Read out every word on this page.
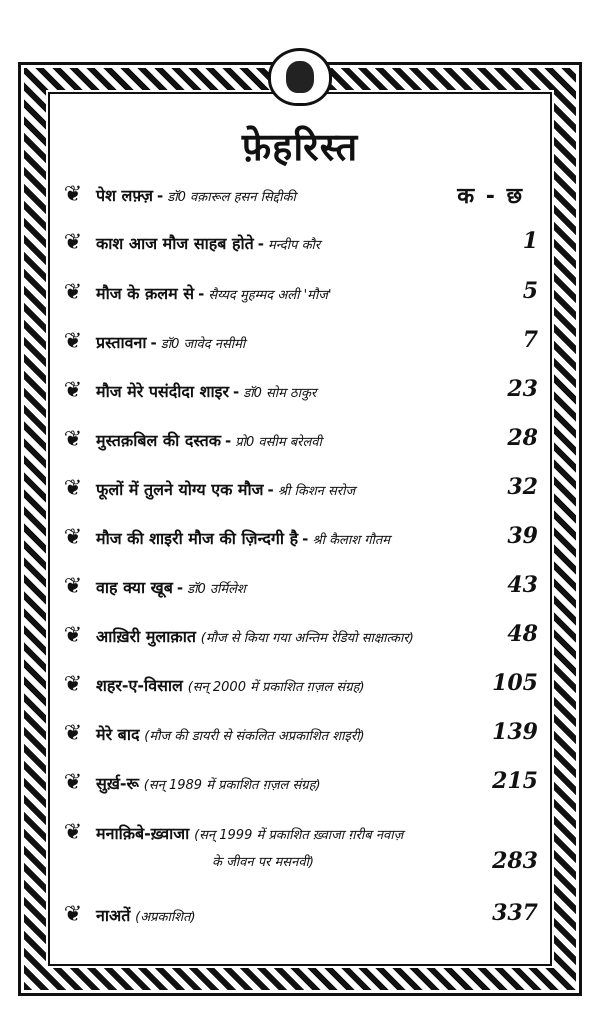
फ़ेहरिस्त
❦ पेश लफ़्ज़ - डॉ0 वक़ारूल हसन सिद्दीकी	क - छ
❦ काश आज मौज साहब होते - मन्दीप कौर	1
❦ मौज के क़लम से - सैय्यद मुहम्मद अली 'मौज'	5
❦ प्रस्तावना - डॉ0 जावेद नसीमी	7
❦ मौज मेरे पसंदीदा शाइर - डॉ0 सोम ठाकुर	23
❦ मुस्तक़बिल की दस्तक - प्रो0 वसीम बरेलवी	28
❦ फूलों में तुलने योग्य एक मौज - श्री किशन सरोज	32
❦ मौज की शाइरी मौज की ज़िन्दगी है - श्री कैलाश गौतम	39
❦ वाह क्या खूब - डॉ0 उर्मिलेश	43
❦ आख़िरी मुलाक़ात (मौज से किया गया अन्तिम रेडियो साक्षात्कार)	48
❦ शहर-ए-विसाल (सन् 2000 में प्रकाशित ग़ज़ल संग्रह)	105
❦ मेरे बाद (मौज की डायरी से संकलित अप्रकाशित शाइरी)	139
❦ सुर्ख़-रू (सन् 1989 में प्रकाशित ग़ज़ल संग्रह)	215
❦ मनाक़िबे-ख़्वाजा (सन् 1999 में प्रकाशित ख़्वाजा ग़रीब नवाज़
के जीवन पर मसनवी)	283
❦ नाअतें (अप्रकाशित)	337
